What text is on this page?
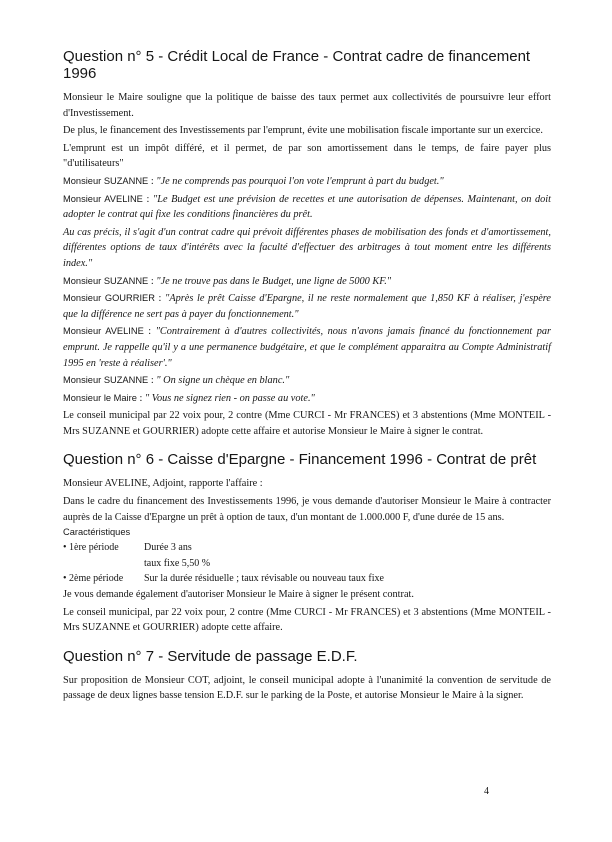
Question n° 5 - Crédit Local de France - Contrat cadre de financement 1996

Monsieur le Maire souligne que la politique de baisse des taux permet aux collectivités de poursuivre leur effort d'Investissement.

De plus, le financement des Investissements par l'emprunt, évite une mobilisation fiscale importante sur un exercice.

L'emprunt est un impôt différé, et il permet, de par son amortissement dans le temps, de faire payer plus "d'utilisateurs"

Monsieur SUZANNE : "Je ne comprends pas pourquoi l'on vote l'emprunt à part du budget."

Monsieur AVELINE : "Le Budget est une prévision de recettes et une autorisation de dépenses. Maintenant, on doit adopter le contrat qui fixe les conditions financières du prêt.

Au cas précis, il s'agit d'un contrat cadre qui prévoit différentes phases de mobilisation des fonds et d'amortissement, différentes options de taux d'intérêts avec la faculté d'effectuer des arbitrages à tout moment entre les différents index."

Monsieur SUZANNE : "Je ne trouve pas dans le Budget, une ligne de 5000 KF."

Monsieur GOURRIER : "Après le prêt Caisse d'Epargne, il ne reste normalement que 1,850 KF à réaliser, j'espère que la différence ne sert pas à payer du fonctionnement."

Monsieur AVELINE : "Contrairement à d'autres collectivités, nous n'avons jamais financé du fonctionnement par emprunt. Je rappelle qu'il y a une permanence budgétaire, et que le complément apparaitra au Compte Administratif 1995 en 'reste à réaliser'."

Monsieur SUZANNE : " On signe un chèque en blanc."

Monsieur le Maire : " Vous ne signez rien - on passe au vote."

Le conseil municipal par 22 voix pour, 2 contre (Mme CURCI - Mr FRANCES) et 3 abstentions (Mme MONTEIL - Mrs SUZANNE et GOURRIER) adopte cette affaire et autorise Monsieur le Maire à signer le contrat.

Question n° 6 - Caisse d'Epargne - Financement 1996 - Contrat de prêt

Monsieur AVELINE, Adjoint, rapporte l'affaire :

Dans le cadre du financement des Investissements 1996, je vous demande d'autoriser Monsieur le Maire à contracter auprès de la Caisse d'Epargne un prêt à option de taux, d'un montant de 1.000.000 F, d'une durée de 15 ans.

Caractéristiques

• 1ère période	Durée 3 ans
taux fixe 5,50 %
• 2ème période	Sur la durée résiduelle ; taux révisable ou nouveau taux fixe

Je vous demande également d'autoriser Monsieur le Maire à signer le présent contrat.

Le conseil municipal, par 22 voix pour, 2 contre (Mme CURCI - Mr FRANCES) et 3 abstentions (Mme MONTEIL - Mrs SUZANNE et GOURRIER) adopte cette affaire.

Question n° 7 - Servitude de passage E.D.F.

Sur proposition de Monsieur COT, adjoint, le conseil municipal adopte à l'unanimité la convention de servitude de passage de deux lignes basse tension E.D.F. sur le parking de la Poste, et autorise Monsieur le Maire à la signer.

4
